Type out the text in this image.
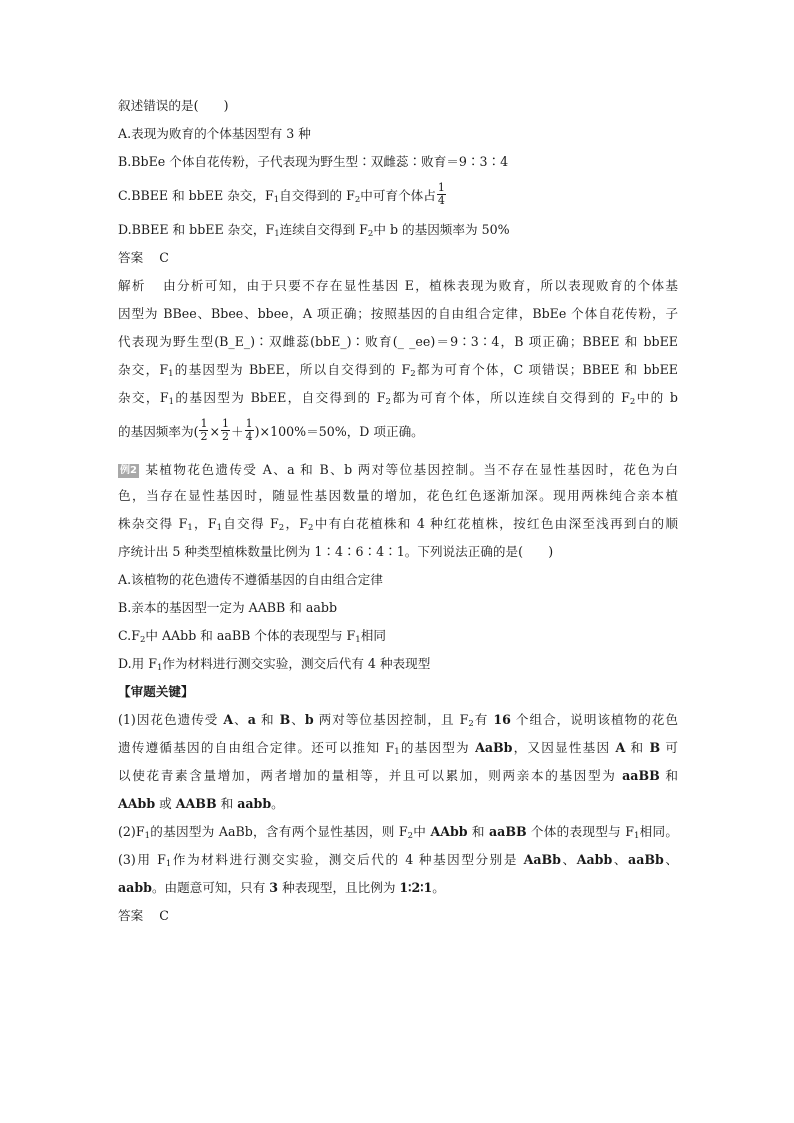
叙述错误的是(　　)
A.表现为败育的个体基因型有 3 种
B.BbEe 个体自花传粉，子代表现为野生型∶双雌蕊∶败育＝9∶3∶4
C.BBEE 和 bbEE 杂交，$F_1$自交得到的 $F_2$中可育个体占 $\frac{1}{4}$
D.BBEE 和 bbEE 杂交，$F_1$连续自交得到 $F_2$中 b 的基因频率为 50%
答案 C
解析 由分析可知，由于只要不存在显性基因 E，植株表现为败育，所以表现败育的个体基
因型为 BBee、Bbee、bbee，A 项正确；按照基因的自由组合定律，BbEe 个体自花传粉，子
代表现为野生型(B_E_)∶双雌蕊(bbE_)∶败育(_ _ee)＝9∶3∶4，B 项正确；BBEE 和 bbEE
杂交，$F_1$的基因型为 BbEE，所以自交得到的 $F_2$都为可育个体，C 项错误；BBEE 和 bbEE
杂交，$F_1$的基因型为 BbEE，自交得到的 $F_2$都为可育个体，所以连续自交得到的 $F_2$中的 b
的基因频率为( $\frac{1}{2} \times \frac{1}{2} + \frac{1}{4} )\times 100\%=50\%$，D 项正确。
例2 某植物花色遗传受 A、a 和 B、b 两对等位基因控制。当不存在显性基因时，花色为白
色，当存在显性基因时，随显性基因数量的增加，花色红色逐渐加深。现用两株纯合亲本植
株杂交得 $F_1$，$F_1$自交得 $F_2$，$F_2$中有白花植株和 4 种红花植株，按红色由深至浅再到白的顺
序统计出 5 种类型植株数量比例为 1∶4∶6∶4∶1。下列说法正确的是(　　)
A.该植物的花色遗传不遵循基因的自由组合定律
B.亲本的基因型一定为 AABB 和 aabb
$C.F_2$中 AAbb 和 aaBB 个体的表现型与 $F_1$相同
D.用 $F_1$作为材料进行测交实验，测交后代有 4 种表现型
【审题关键】
(1)因花色遗传受 A、a 和 B、b 两对等位基因控制，且 $F_2$有 16 个组合，说明该植物的花色
遗传遵循基因的自由组合定律。还可以推知 $F_1$的基因型为 AaBb，又因显性基因 A 和 B 可
以使花青素含量增加，两者增加的量相等，并且可以累加，则两亲本的基因型为 aaBB 和
AAbb 或 AABB 和 aabb。
$(2)F_1$的基因型为 AaBb，含有两个显性基因，则 $F_2$中 AAbb 和 aaBB 个体的表现型与 $F_1$相同。
(3)用 $F_1$作为材料进行测交实验，测交后代的 4 种基因型分别是 AaBb、Aabb、aaBb、
aabb。由题意可知，只有 3 种表现型，且比例为 1∶2∶1。
答案 C
